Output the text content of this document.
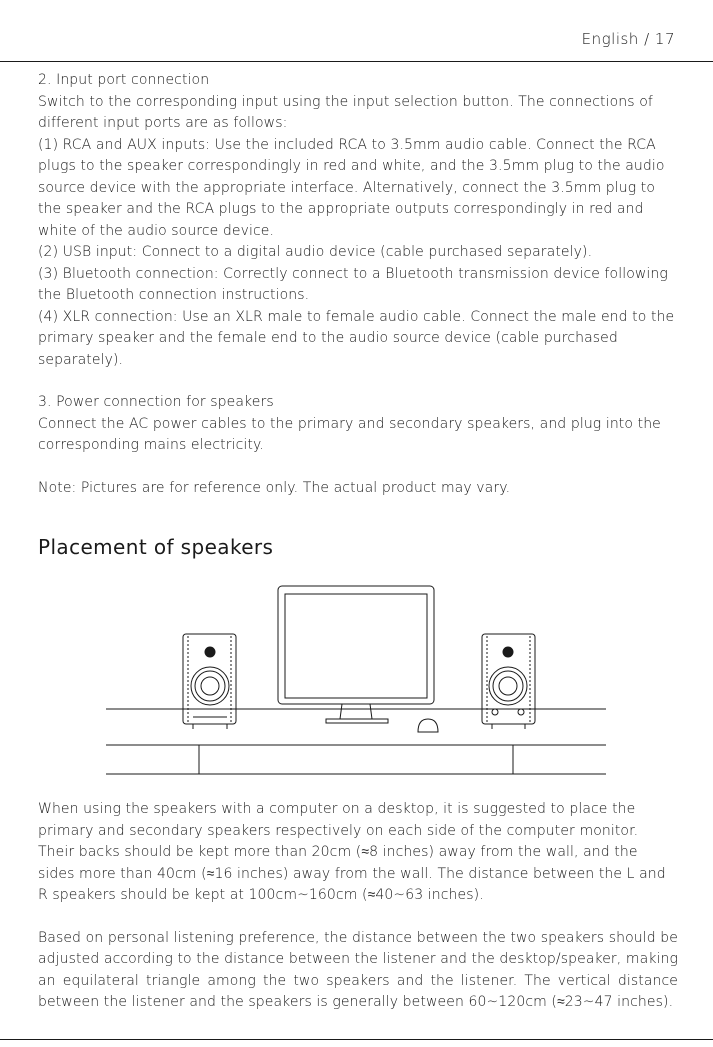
English / 17

2. Input port connection

Switch to the corresponding input using the input selection button. The connections of different input ports are as follows:

(1) RCA and AUX inputs: Use the included RCA to 3.5mm audio cable. Connect the RCA plugs to the speaker correspondingly in red and white, and the 3.5mm plug to the audio source device with the appropriate interface. Alternatively, connect the 3.5mm plug to the speaker and the RCA plugs to the appropriate outputs correspondingly in red and white of the audio source device.

(2) USB input: Connect to a digital audio device (cable purchased separately).

(3) Bluetooth connection: Correctly connect to a Bluetooth transmission device following the Bluetooth connection instructions.

(4) XLR connection: Use an XLR male to female audio cable. Connect the male end to the primary speaker and the female end to the audio source device (cable purchased separately).

3. Power connection for speakers

Connect the AC power cables to the primary and secondary speakers, and plug into the corresponding mains electricity.

Note: Pictures are for reference only. The actual product may vary.

Placement of speakers

When using the speakers with a computer on a desktop, it is suggested to place the primary and secondary speakers respectively on each side of the computer monitor. Their backs should be kept more than 20cm (≈8 inches) away from the wall, and the sides more than 40cm (≈16 inches) away from the wall. The distance between the L and R speakers should be kept at 100cm~160cm (≈40~63 inches).

Based on personal listening preference, the distance between the two speakers should be adjusted according to the distance between the listener and the desktop/speaker, making an equilateral triangle among the two speakers and the listener. The vertical distance between the listener and the speakers is generally between 60~120cm (≈23~47 inches).
